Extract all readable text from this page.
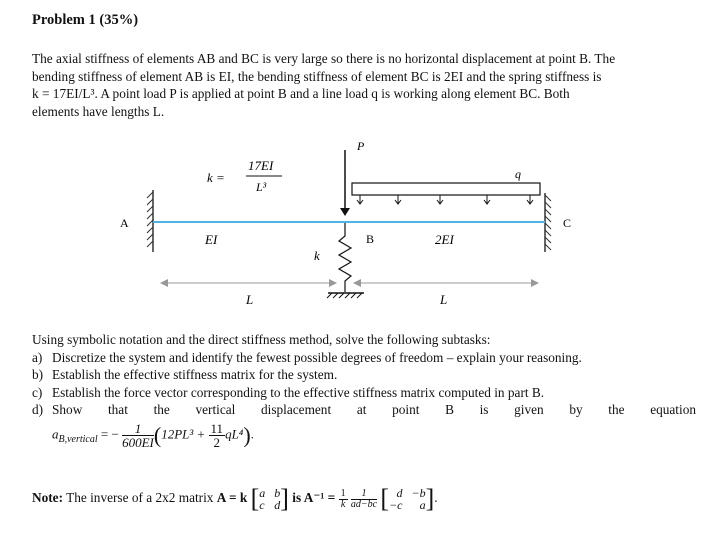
Problem 1 (35%)

The axial stiffness of elements AB and BC is very large so there is no horizontal displacement at point B. The

bending stiffness of element AB is EI, the bending stiffness of element BC is 2EI and the spring stiffness is

k = 17EI/L³. A point load P is applied at point B and a line load q is working along element BC. Both

elements have lengths L.

A
B
C
P
q
k =
17EI
L³
EI	2EI
k
L	L
Using symbolic notation and the direct stiffness method, solve the following subtasks:
a) Discretize the system and identify the fewest possible degrees of freedom – explain your reasoning.
b) Establish the effective stiffness matrix for the system.
c) Establish the force vector corresponding to the effective stiffness matrix computed in part B.
d) Show that the vertical displacement at point B is given by the equation
$a_{B,vertical}$ = − $\frac{1}{600EI} (12PL^3 + \frac{11}{2} qL^4)$.
Note: The inverse of a 2x2 matrix A = k [ a b
c d ] is $A^{-1} = \frac{1}{k}$
$\frac{1}{ad-bc}$
[ d −b
−c	a ] .
